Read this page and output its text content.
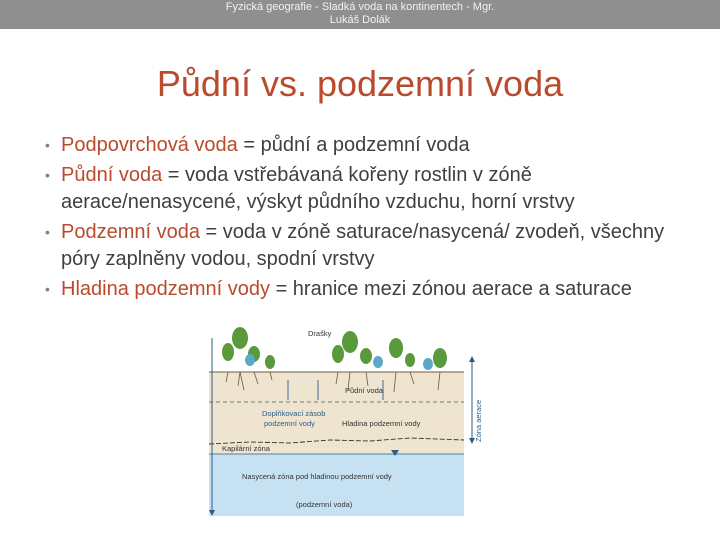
Fyzická geografie - Sladká voda na kontinentech - Mgr.
Lukáš Dolák
Půdní vs. podzemní voda
• Podpovrchová voda = půdní a podzemní voda
• Půdní voda = voda vstřebávaná kořeny rostlin v zóně aerace/nenasycené, výskyt půdního vzduchu, horní vrstvy
• Podzemní voda = voda v zóně saturace/nasycená/ zvodeň, všechny póry zaplněny vodou, spodní vrstvy
• Hladina podzemní vody = hranice mezi zónou aerace a saturace
Drašky
Půdní voda
Doplňkovací zásob
podzemní vody	Hladina podzemní vody
Kapilární zóna
Nasycená zóna pod hladinou podzemní vody
(podzemní voda)
Zóna aerace
